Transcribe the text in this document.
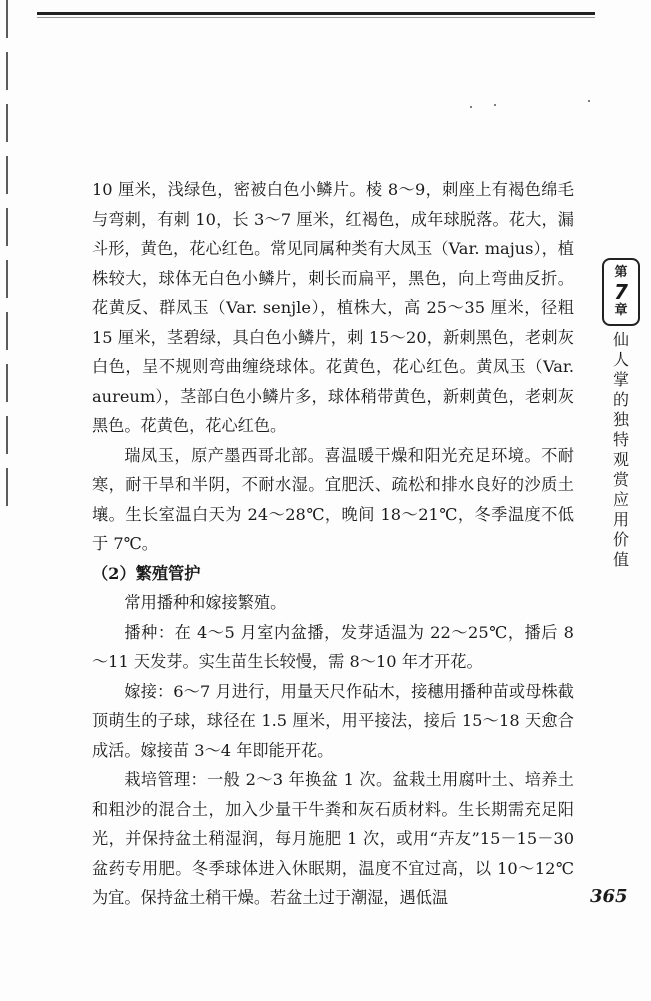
10 厘米，浅绿色，密被白色小鳞片。棱 8～9，刺座上有褐色绵毛与弯刺，有刺 10，长 3～7 厘米，红褐色，成年球脱落。花大，漏斗形，黄色，花心红色。常见同属种类有大凤玉（Var. majus），植株较大，球体无白色小鳞片，刺长而扁平，黑色，向上弯曲反折。花黄反、群凤玉（Var. senjle），植株大，高 25～35 厘米，径粗 15 厘米，茎碧绿，具白色小鳞片，刺 15～20，新刺黑色，老刺灰白色，呈不规则弯曲缠绕球体。花黄色，花心红色。黄凤玉（Var. aureum），茎部白色小鳞片多，球体稍带黄色，新刺黄色，老刺灰黑色。花黄色，花心红色。

瑞凤玉，原产墨西哥北部。喜温暖干燥和阳光充足环境。不耐寒，耐干旱和半阴，不耐水湿。宜肥沃、疏松和排水良好的沙质土壤。生长室温白天为 24～28℃，晚间 18～21℃，冬季温度不低于 7℃。

（2）繁殖管护

常用播种和嫁接繁殖。

播种：在 4～5 月室内盆播，发芽适温为 22～25℃，播后 8～11 天发芽。实生苗生长较慢，需 8～10 年才开花。

嫁接：6～7 月进行，用量天尺作砧木，接穗用播种苗或母株截顶萌生的子球，球径在 1.5 厘米，用平接法，接后 15～18 天愈合成活。嫁接苗 3～4 年即能开花。

栽培管理：一般 2～3 年换盆 1 次。盆栽土用腐叶土、培养土和粗沙的混合土，加入少量干牛粪和灰石质材料。生长期需充足阳光，并保持盆土稍湿润，每月施肥 1 次，或用“卉友”15－15－30盆药专用肥。冬季球体进入休眠期，温度不宜过高，以 10～12℃为宜。保持盆土稍干燥。若盆土过于潮湿，遇低温

第
7
章
仙人掌的独特观赏应用价值
365
